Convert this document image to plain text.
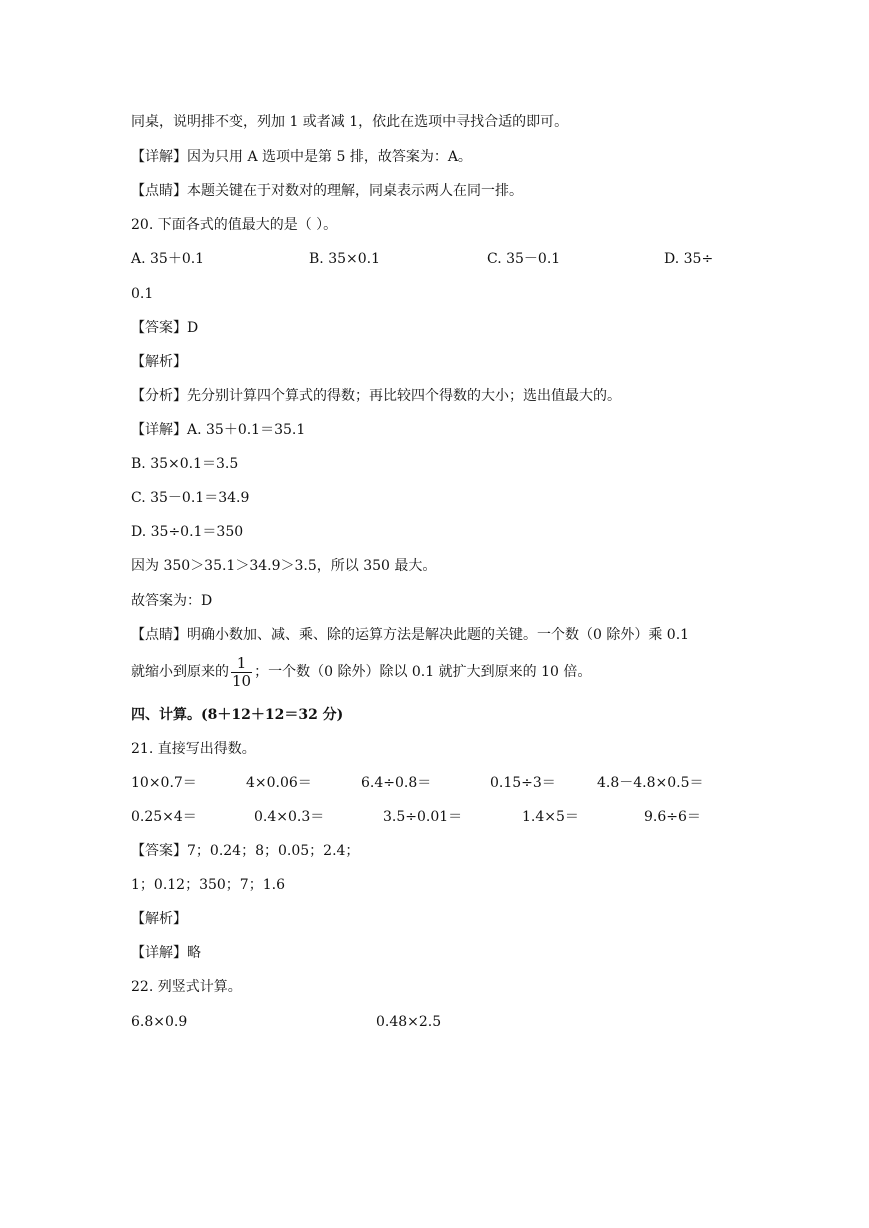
同桌，说明排不变，列加 1 或者减 1，依此在选项中寻找合适的即可。
【详解】因为只用 A 选项中是第 5 排，故答案为：A。
【点睛】本题关键在于对数对的理解，同桌表示两人在同一排。
20. 下面各式的值最大的是（ ）。
A. 35＋0.1	B. 35×0.1	C. 35－0.1	D. 35÷
0.1
【答案】D
【解析】
【分析】先分别计算四个算式的得数；再比较四个得数的大小；选出值最大的。
【详解】A. 35＋0.1＝35.1
B. 35×0.1＝3.5
C. 35－0.1＝34.9
D. 35÷0.1＝350
因为 350＞35.1＞34.9＞3.5，所以 350 最大。
故答案为：D
【点睛】明确小数加、减、乘、除的运算方法是解决此题的关键。一个数（0 除外）乘 0.1
就缩小到原来的 $\frac{1}{10}$ ；一个数（0 除外）除以 0.1 就扩大到原来的 10 倍。
四、计算。(8＋12＋12＝32 分)
21. 直接写出得数。
10×0.7＝	4×0.06＝	6.4÷0.8＝	0.15÷3＝	4.8－4.8×0.5＝
0.25×4＝	0.4×0.3＝	3.5÷0.01＝	1.4×5＝	9.6÷6＝
【答案】7；0.24；8；0.05；2.4；
1；0.12；350；7；1.6
【解析】
【详解】略
22. 列竖式计算。
6.8×0.9	0.48×2.5
